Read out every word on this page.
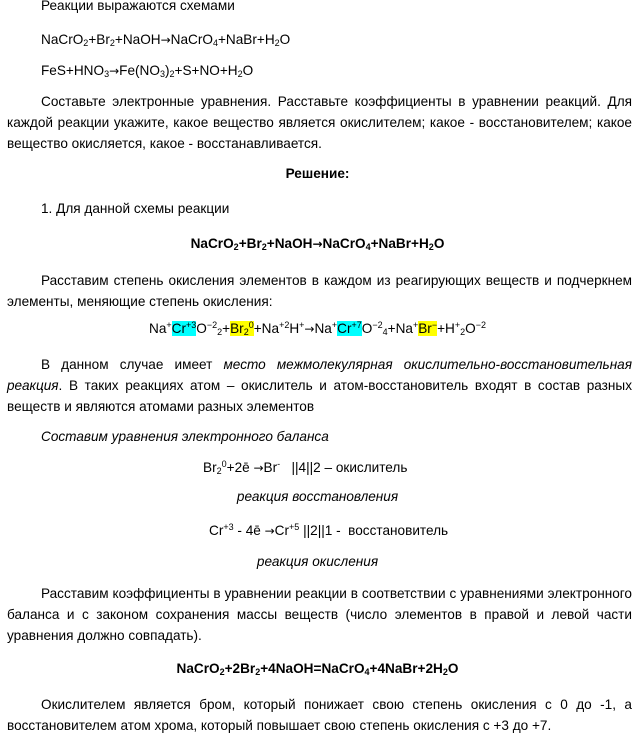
Реакции выражаются схемами
$NaCrO_2+Br_2+NaOH\to NaCrO_4+NaBr+H_2O$
$FeS+HNO_3\to Fe(NO_3)_2+S+NO+H_2O$
Составьте электронные уравнения. Расставьте коэффициенты в уравнении реакций. Для каждой реакции укажите, какое вещество является окислителем; какое - восстановителем; какое вещество окисляется, какое - восстанавливается.
Решение:
1. Для данной схемы реакции
$NaCrO_2+Br_2+NaOH\to NaCrO_4+NaBr+H_2O$
Расставим степень окисления элементов в каждом из реагирующих веществ и подчеркнем элементы, меняющие степень окисления:
$Na^+Cr^{+3}O^{-2}_2+Br_2^0+Na^{+2}H^+\to Na^+Cr^{+7}O^{-2}_4+Na^+Br^-+H^+_2O^{-2}$
В данном случае имеет место межмолекулярная окислительно-восстановительная реакция. В таких реакциях атом – окислитель и атом-восстановитель входят в состав разных веществ и являются атомами разных элементов
Составим уравнения электронного баланса
$Br_2^0+2ē \to Br^-$   ||4||2 – окислитель
реакция восстановления
$Cr^{+3}$ - 4ē $\to Cr^{+5}$ ||2||1 -  восстановитель
реакция окисления
Расставим коэффициенты в уравнении реакции в соответствии с уравнениями электронного баланса и с законом сохранения массы веществ (число элементов в правой и левой части уравнения должно совпадать).
$NaCrO_2+2Br_2+4NaOH=NaCrO_4+4NaBr+2H_2O$
Окислителем является бром, который понижает свою степень окисления с 0 до -1, а восстановителем атом хрома, который повышает свою степень окисления с +3 до +7.
